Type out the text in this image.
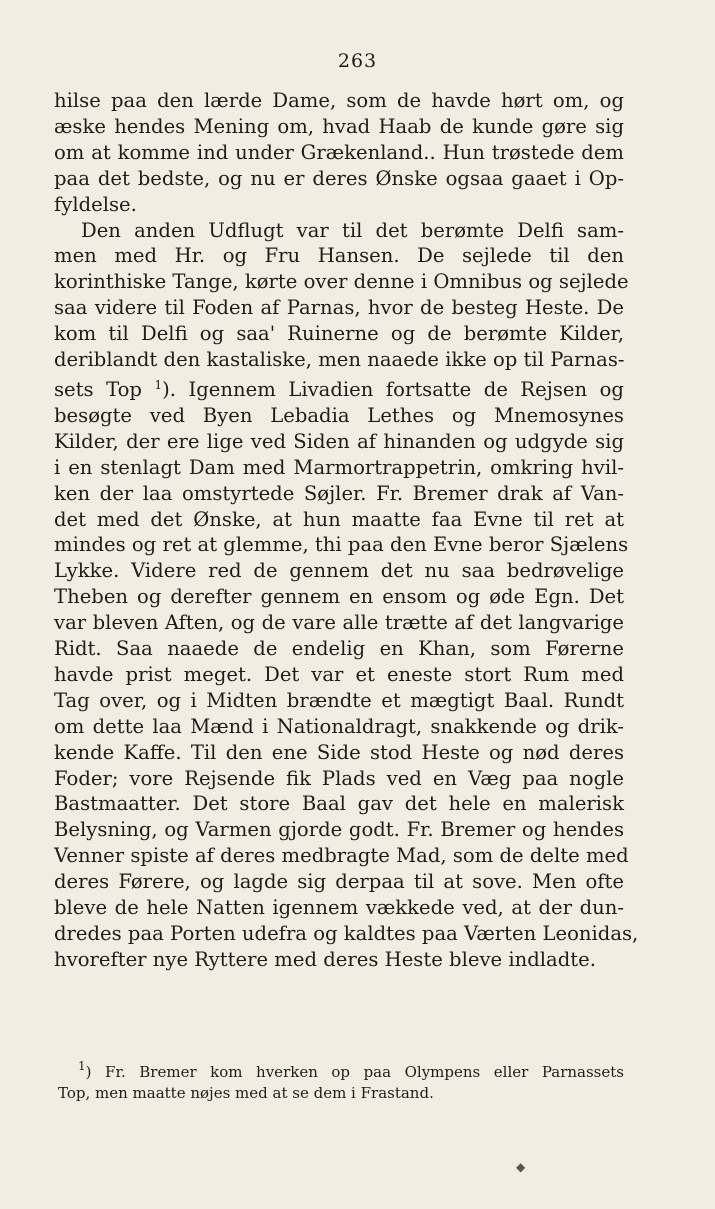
263
hilse paa den lærde Dame, som de havde hørt om, og
æske hendes Mening om, hvad Haab de kunde gøre sig
om at komme ind under Grækenland.. Hun trøstede dem
paa det bedste, og nu er deres Ønske ogsaa gaaet i Op-
fyldelse.
Den anden Udflugt var til det berømte Delfi sam-
men med Hr. og Fru Hansen. De sejlede til den
korinthiske Tange, kørte over denne i Omnibus og sejlede
saa videre til Foden af Parnas, hvor de besteg Heste. De
kom til Delfi og saa' Ruinerne og de berømte Kilder,
deriblandt den kastaliske, men naaede ikke op til Parnas-
sets Top $^1$). Igennem Livadien fortsatte de Rejsen og
besøgte ved Byen Lebadia Lethes og Mnemosynes
Kilder, der ere lige ved Siden af hinanden og udgyde sig
i en stenlagt Dam med Marmortrappetrin, omkring hvil-
ken der laa omstyrtede Søjler. Fr. Bremer drak af Van-
det med det Ønske, at hun maatte faa Evne til ret at
mindes og ret at glemme, thi paa den Evne beror Sjælens
Lykke. Videre red de gennem det nu saa bedrøvelige
Theben og derefter gennem en ensom og øde Egn. Det
var bleven Aften, og de vare alle trætte af det langvarige
Ridt. Saa naaede de endelig en Khan, som Førerne
havde prist meget. Det var et eneste stort Rum med
Tag over, og i Midten brændte et mægtigt Baal. Rundt
om dette laa Mænd i Nationaldragt, snakkende og drik-
kende Kaffe. Til den ene Side stod Heste og nød deres
Foder; vore Rejsende fik Plads ved en Væg paa nogle
Bastmaatter. Det store Baal gav det hele en malerisk
Belysning, og Varmen gjorde godt. Fr. Bremer og hendes
Venner spiste af deres medbragte Mad, som de delte med
deres Førere, og lagde sig derpaa til at sove. Men ofte
bleve de hele Natten igennem vækkede ved, at der dun-
dredes paa Porten udefra og kaldtes paa Værten Leonidas,
hvorefter nye Ryttere med deres Heste bleve indladte.
$^1$) Fr. Bremer kom hverken op paa Olympens eller Parnassets
Top, men maatte nøjes med at se dem i Frastand.
◆
